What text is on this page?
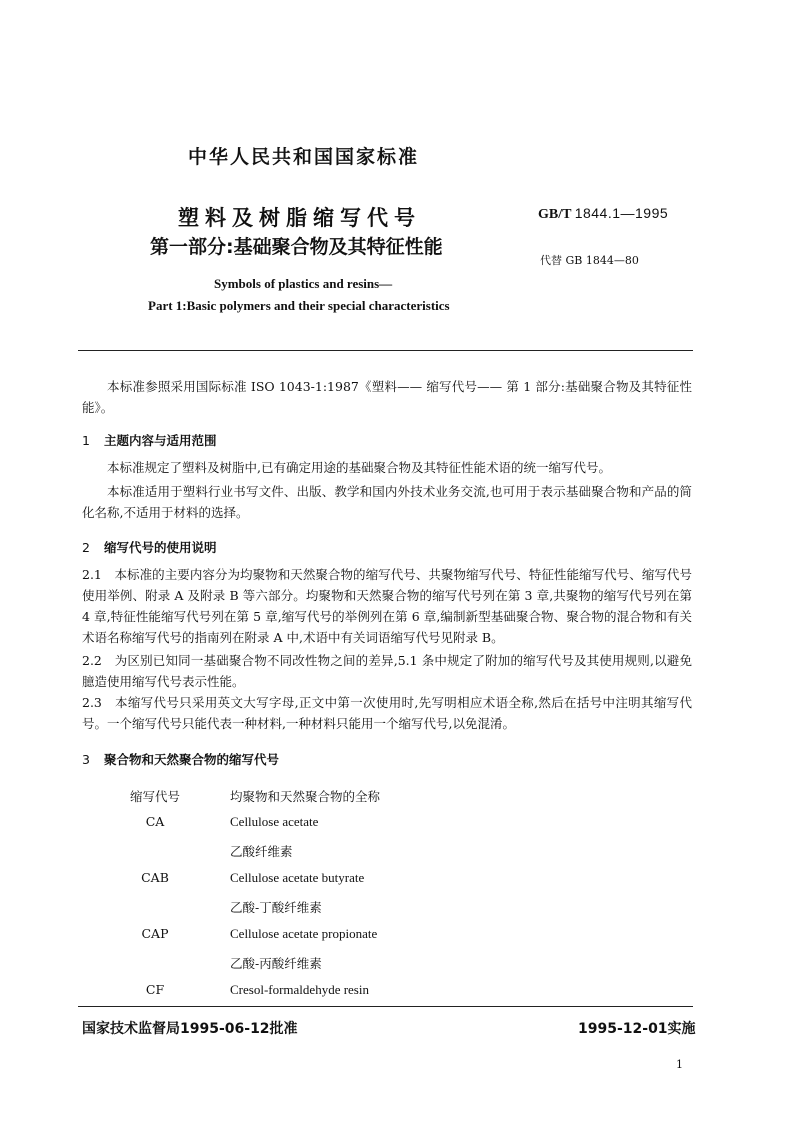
中华人民共和国国家标准
塑料及树脂缩写代号
第一部分:基础聚合物及其特征性能
GB/T 1844.1—1995
代替 GB 1844—80
Symbols of plastics and resins—
Part 1:Basic polymers and their special characteristics
本标准参照采用国际标准 ISO 1043-1:1987《塑料—— 缩写代号—— 第 1 部分:基础聚合物及其特征性能》。
1 主题内容与适用范围
本标准规定了塑料及树脂中,已有确定用途的基础聚合物及其特征性能术语的统一缩写代号。
本标准适用于塑料行业书写文件、出版、教学和国内外技术业务交流,也可用于表示基础聚合物和产品的简化名称,不适用于材料的选择。
2 缩写代号的使用说明
2.1　本标准的主要内容分为均聚物和天然聚合物的缩写代号、共聚物缩写代号、特征性能缩写代号、缩写代号使用举例、附录 A 及附录 B 等六部分。均聚物和天然聚合物的缩写代号列在第 3 章,共聚物的缩写代号列在第 4 章,特征性能缩写代号列在第 5 章,缩写代号的举例列在第 6 章,编制新型基础聚合物、聚合物的混合物和有关术语名称缩写代号的指南列在附录 A 中,术语中有关词语缩写代号见附录 B。
2.2　为区别已知同一基础聚合物不同改性物之间的差异,5.1 条中规定了附加的缩写代号及其使用规则,以避免臆造使用缩写代号表示性能。
2.3　本缩写代号只采用英文大写字母,正文中第一次使用时,先写明相应术语全称,然后在括号中注明其缩写代号。一个缩写代号只能代表一种材料,一种材料只能用一个缩写代号,以免混淆。
3 聚合物和天然聚合物的缩写代号
缩写代号	均聚物和天然聚合物的全称
CA	Cellulose acetate
乙酸纤维素
CAB	Cellulose acetate butyrate
乙酸-丁酸纤维素
CAP	Cellulose acetate propionate
乙酸-丙酸纤维素
CF	Cresol-formaldehyde resin
国家技术监督局1995-06-12批准	1995-12-01实施
1
